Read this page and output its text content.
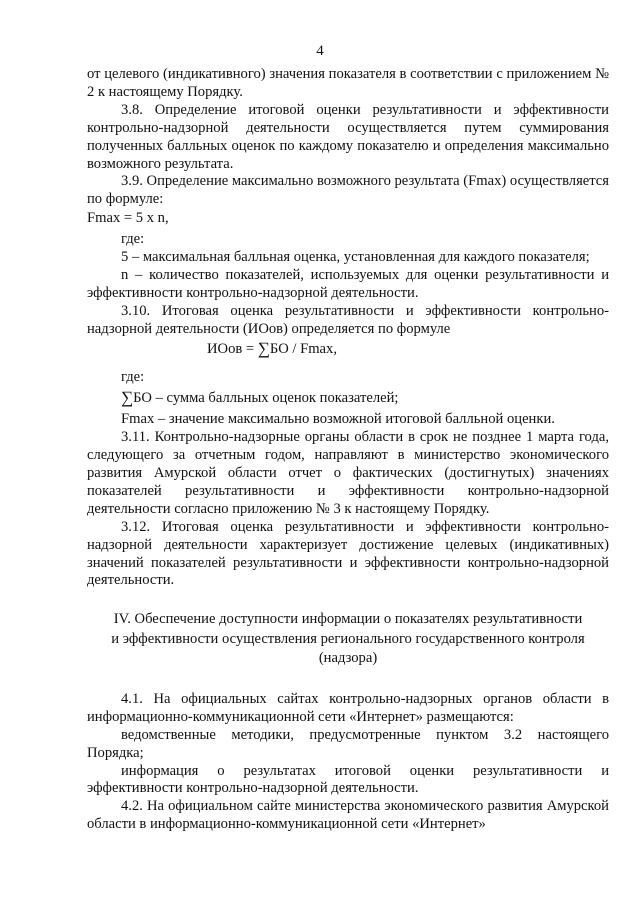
4

от целевого (индикативного) значения показателя в соответствии с приложением № 2 к настоящему Порядку.

3.8. Определение итоговой оценки результативности и эффективности контрольно-надзорной деятельности осуществляется путем суммирования полученных балльных оценок по каждому показателю и определения максимально возможного результата.

3.9. Определение максимально возможного результата (Fmax) осуществляется по формуле:

Fmax = 5 x n,

где:

5 – максимальная балльная оценка, установленная для каждого показателя;

n – количество показателей, используемых для оценки результативности и эффективности контрольно-надзорной деятельности.

3.10. Итоговая оценка результативности и эффективности контрольно-надзорной деятельности (ИОов) определяется по формуле

ИОов = ∑БО / Fmax,

где:

∑БО – сумма балльных оценок показателей;

Fmax – значение максимально возможной итоговой балльной оценки.

3.11. Контрольно-надзорные органы области в срок не позднее 1 марта года, следующего за отчетным годом, направляют в министерство экономического развития Амурской области отчет о фактических (достигнутых) значениях показателей результативности и эффективности контрольно-надзорной деятельности согласно приложению № 3 к настоящему Порядку.

3.12. Итоговая оценка результативности и эффективности контрольно-надзорной деятельности характеризует достижение целевых (индикативных) значений показателей результативности и эффективности контрольно-надзорной деятельности.

IV. Обеспечение доступности информации о показателях результативности
и эффективности осуществления регионального государственного контроля
(надзора)

4.1. На официальных сайтах контрольно-надзорных органов области в информационно-коммуникационной сети «Интернет» размещаются:

ведомственные методики, предусмотренные пунктом 3.2 настоящего Порядка;

информация о результатах итоговой оценки результативности и эффективности контрольно-надзорной деятельности.

4.2. На официальном сайте министерства экономического развития Амурской области в информационно-коммуникационной сети «Интернет»
